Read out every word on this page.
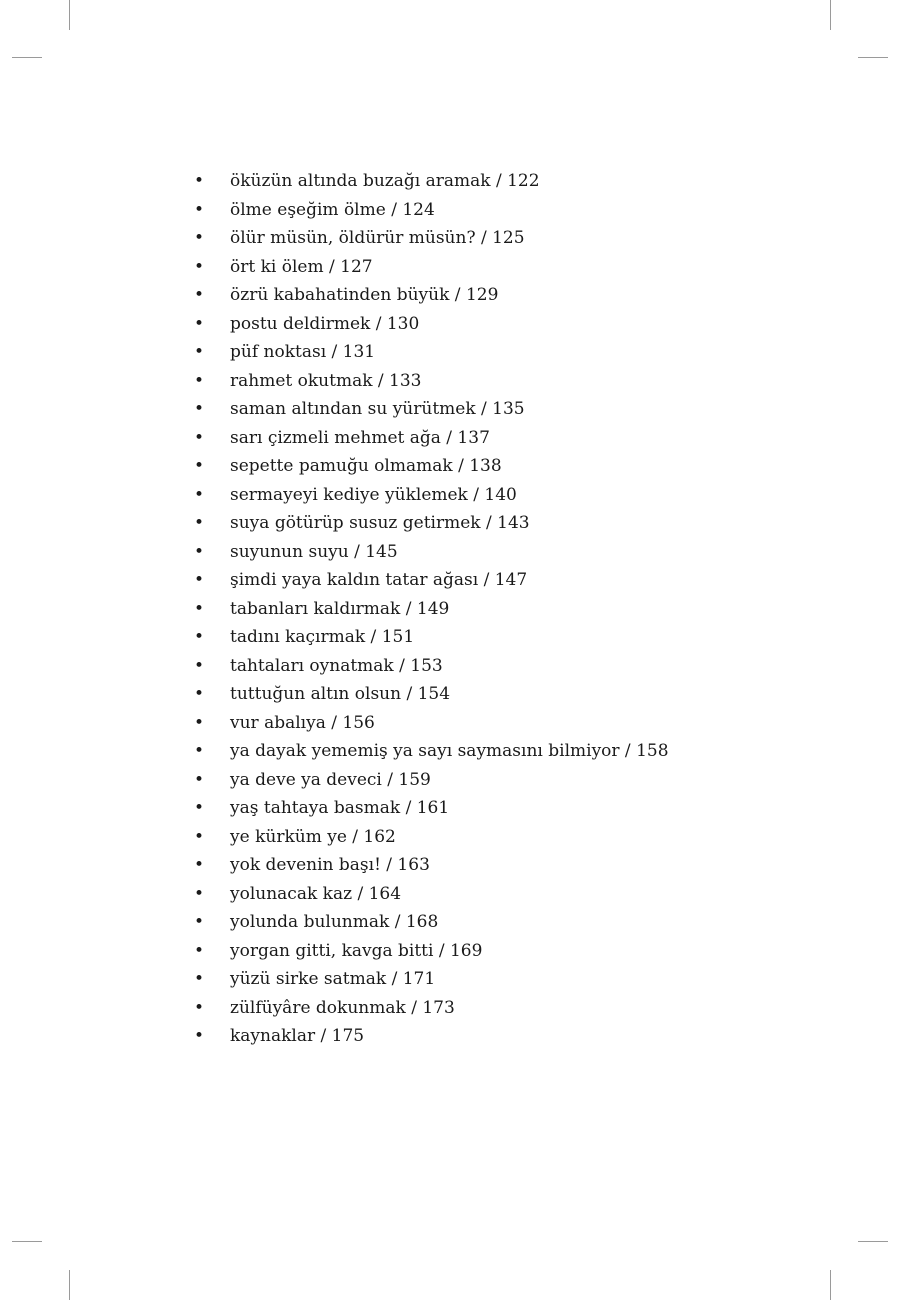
•	öküzün altında buzağı aramak / 122
•	ölme eşeğim ölme / 124
•	ölür müsün, öldürür müsün? / 125
•	ört ki ölem / 127
•	özrü kabahatinden büyük / 129
•	postu deldirmek / 130
•	püf noktası / 131
•	rahmet okutmak / 133
•	saman altından su yürütmek / 135
•	sarı çizmeli mehmet ağa / 137
•	sepette pamuğu olmamak / 138
•	sermayeyi kediye yüklemek / 140
•	suya götürüp susuz getirmek / 143
•	suyunun suyu / 145
•	şimdi yaya kaldın tatar ağası / 147
•	tabanları kaldırmak / 149
•	tadını kaçırmak / 151
•	tahtaları oynatmak / 153
•	tuttuğun altın olsun / 154
•	vur abalıya / 156
•	ya dayak yememiş ya sayı saymasını bilmiyor / 158
•	ya deve ya deveci / 159
•	yaş tahtaya basmak / 161
•	ye kürküm ye / 162
•	yok devenin başı! / 163
•	yolunacak kaz / 164
•	yolunda bulunmak / 168
•	yorgan gitti, kavga bitti / 169
•	yüzü sirke satmak / 171
•	zülfüyâre dokunmak / 173
•	kaynaklar / 175
